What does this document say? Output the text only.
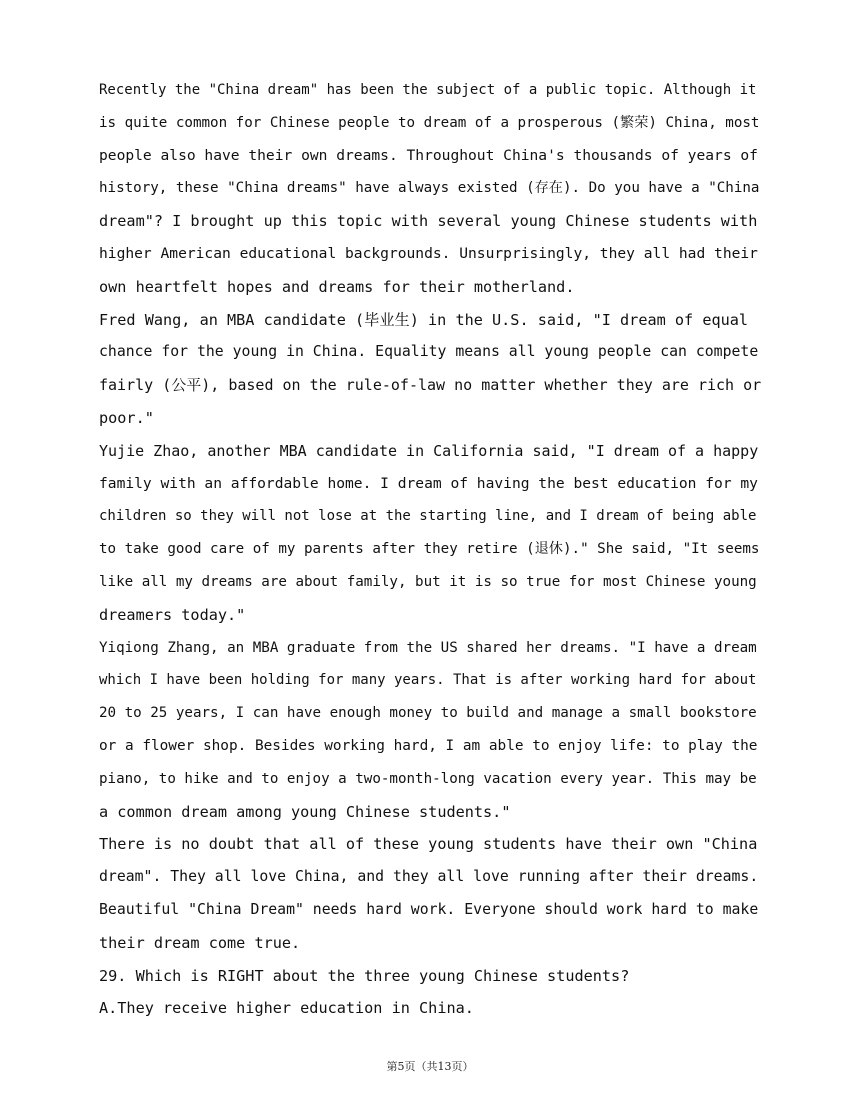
Recently the "China dream" has been the subject of a public topic. Although it
is quite common for Chinese people to dream of a prosperous (繁荣) China, most
people also have their own dreams. Throughout China's thousands of years of
history, these "China dreams" have always existed (存在). Do you have a "China
dream"? I brought up this topic with several young Chinese students with
higher American educational backgrounds. Unsurprisingly, they all had their
own heartfelt hopes and dreams for their motherland.
Fred Wang, an MBA candidate (毕业生) in the U.S. said, "I dream of equal
chance for the young in China. Equality means all young people can compete
fairly (公平), based on the rule-of-law no matter whether they are rich or
poor."
Yujie Zhao, another MBA candidate in California said, "I dream of a happy
family with an affordable home. I dream of having the best education for my
children so they will not lose at the starting line, and I dream of being able
to take good care of my parents after they retire (退休)." She said, "It seems
like all my dreams are about family, but it is so true for most Chinese young
dreamers today."
Yiqiong Zhang, an MBA graduate from the US shared her dreams. "I have a dream
which I have been holding for many years. That is after working hard for about
20 to 25 years, I can have enough money to build and manage a small bookstore
or a flower shop. Besides working hard, I am able to enjoy life: to play the
piano, to hike and to enjoy a two-month-long vacation every year. This may be
a common dream among young Chinese students."
There is no doubt that all of these young students have their own "China
dream". They all love China, and they all love running after their dreams.
Beautiful "China Dream" needs hard work. Everyone should work hard to make
their dream come true.
29. Which is RIGHT about the three young Chinese students?
A.They receive higher education in China.
第5页（共13页）
